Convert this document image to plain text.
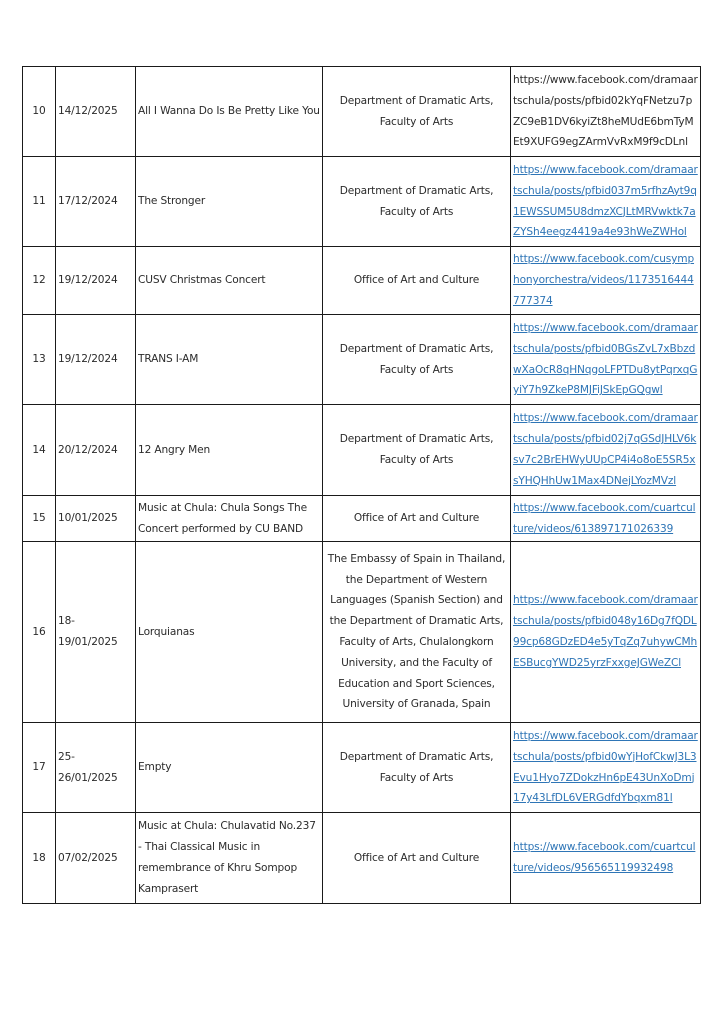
10	14/12/2025	All I Wanna Do Is Be Pretty Like You	Department of Dramatic Arts, Faculty of Arts	https://www.facebook.com/dramaartschula/posts/pfbid02kYqFNetzu7pZC9eB1DV6kyiZt8heMUdE6bmTyMEt9XUFG9egZArmVvRxM9f9cDLnl
11	17/12/2024	The Stronger	Department of Dramatic Arts, Faculty of Arts	https://www.facebook.com/dramaartschula/posts/pfbid037m5rfhzAyt9q1EWSSUM5U8dmzXCJLtMRVwktk7aZYSh4eegz4419a4e93hWeZWHol
12	19/12/2024	CUSV Christmas Concert	Office of Art and Culture	https://www.facebook.com/cusymphonyorchestra/videos/1173516444777374
13	19/12/2024	TRANS I-AM	Department of Dramatic Arts, Faculty of Arts	https://www.facebook.com/dramaartschula/posts/pfbid0BGsZvL7xBbzdwXaOcR8qHNqgoLFPTDu8ytPqrxqGyiY7h9ZkeP8MJFiJSkEpGQgwl
14	20/12/2024	12 Angry Men	Department of Dramatic Arts, Faculty of Arts	https://www.facebook.com/dramaartschula/posts/pfbid02j7qGSdJHLV6ksv7c2BrEHWyUUpCP4i4o8oE5SR5xsYHQHhUw1Max4DNejLYozMVzl
15	10/01/2025	Music at Chula: Chula Songs The Concert performed by CU BAND	Office of Art and Culture	https://www.facebook.com/cuartculture/videos/613897171026339
16	18-19/01/2025	Lorquianas	The Embassy of Spain in Thailand, the Department of Western Languages (Spanish Section) and the Department of Dramatic Arts, Faculty of Arts, Chulalongkorn University, and the Faculty of Education and Sport Sciences, University of Granada, Spain	https://www.facebook.com/dramaartschula/posts/pfbid048y16Dg7fQDL99cp68GDzED4e5yTqZq7uhywCMhESBucgYWD25yrzFxxgeJGWeZCl
17	25-26/01/2025	Empty	Department of Dramatic Arts, Faculty of Arts	https://www.facebook.com/dramaartschula/posts/pfbid0wYjHofCkwJ3L3Evu1Hyo7ZDokzHn6pE43UnXoDmj17y43LfDL6VERGdfdYbqxm81l
18	07/02/2025	Music at Chula: Chulavatid No.237 - Thai Classical Music in remembrance of Khru Sompop Kamprasert	Office of Art and Culture	https://www.facebook.com/cuartculture/videos/956565119932498
